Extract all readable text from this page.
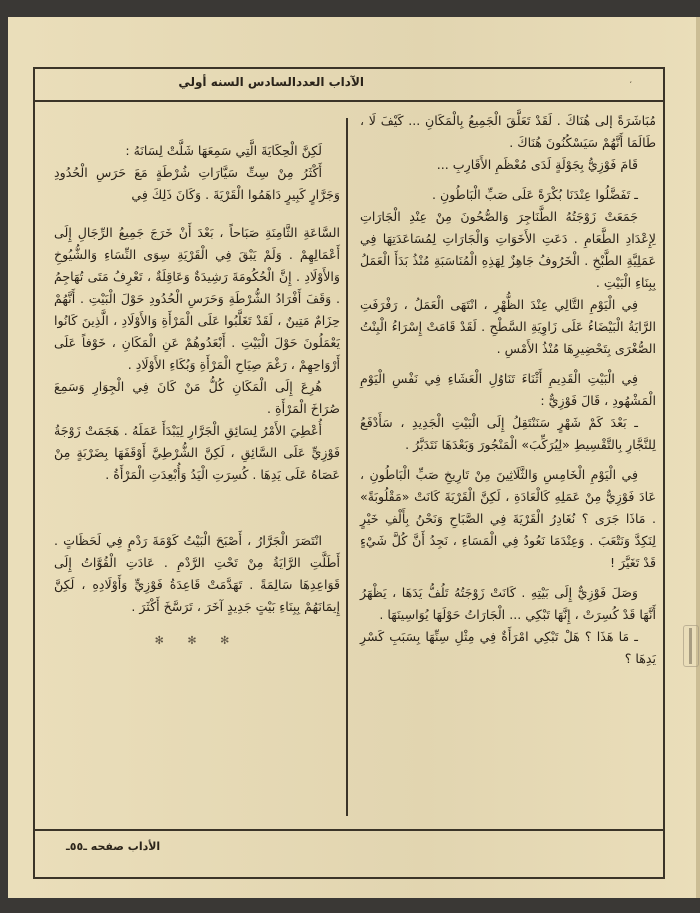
الآداب العددالسادس السنه أولي	،

مُبَاشَرَةً إلى هُنَاكَ . لَقَدْ تَعَلَّقَ الْجَمِيعُ بِالْمَكَانِ ... كَيْفَ لَا ، طَالَمَا أَنَّهُمْ سَيَسْكُنُونَ هُنَاكَ .

قَامَ فَوْزِيُّ بِجَوْلَةٍ لَدَى مُعْظَمِ الأَقَارِبِ ...

ـ تَفَضَّلُوا عِنْدَنَا بُكْرَةً عَلَى صَبِّ الْبَاطُونِ .

جَمَعَتْ زَوْجَتُهُ الطَّنَاجِرَ وَالصُّحُونَ مِنْ عِنْدِ الْجَارَاتِ لِإِعْدَادِ الطَّعَامِ . دَعَتِ الأَخَوَاتِ وَالْجَارَاتِ لِمُسَاعَدَتِهَا فِي عَمَلِيَّةِ الطَّبْخِ . الْخَرُوفُ جَاهِزٌ لِهَذِهِ الْمُنَاسَبَةِ مُنْذُ بَدَأَ الْعَمَلُ بِبِنَاءِ الْبَيْتِ .

فِي الْيَوْمِ التَّالِي عِنْدَ الظُّهْرِ ، انْتَهَى الْعَمَلُ ، رَفْرَفَتِ الرَّايَةُ الْبَيْضَاءُ عَلَى زَاوِيَةِ السَّطْحِ . لَقَدْ قَامَتْ إِسْرَاءُ الْبِنْتُ الصُّغْرَى بِتَحْضِيرِهَا مُنْذُ الأَمْسِ .

فِي الْبَيْتِ الْقَدِيمِ أَثْنَاءَ تَنَاوُلِ الْعَشَاءِ فِي نَفْسِ الْيَوْمِ الْمَشْهُودِ ، قَالَ فَوْزِيٌّ :

ـ بَعْدَ كَمْ شَهْرٍ سَنَنْتَقِلُ إِلَى الْبَيْتِ الْجَدِيدِ ، سَأَدْفَعُ لِلنَّجَّارِ بِالتَّقْسِيطِ «لِيُرَكِّبَ» الْمَنْجُورَ وَبَعْدَهَا نَتَدَبَّرُ .

فِي الْيَوْمِ الْخَامِسِ وَالثَّلَاثِينَ مِنْ تَارِيخِ صَبِّ الْبَاطُونِ ، عَادَ فَوْزِيٌّ مِنْ عَمَلِهِ كَالْعَادَةِ ، لَكِنَّ الْقَرْيَةَ كَانَتْ «مَقْلُوبَةً» . مَاذَا جَرَى ؟ نُغَادِرُ الْقَرْيَةَ فِي الصَّبَاحِ وَنَحْنُ بِأَلْفِ خَيْرٍ لِنَكِدَّ وَنَتْعَبَ . وَعِنْدَمَا نَعُودُ فِي الْمَسَاءِ ، نَجِدُ أَنَّ كُلَّ شَيْءٍ قَدْ تَغَيَّرَ !

وَصَلَ فَوْزِيٌّ إِلَى بَيْتِهِ . كَانَتْ زَوْجَتُهُ تَلُفُّ يَدَهَا ، يَظْهَرُ أَنَّهَا قَدْ كُسِرَتْ ، إِنَّهَا تَبْكِي ... الْجَارَاتُ حَوْلَهَا يُوَاسِينَهَا .

ـ مَا هَذَا ؟ هَلْ تَبْكِي امْرَأَةٌ فِي مِثْلِ سِنِّهَا بِسَبَبِ كَسْرِ يَدِهَا ؟

لَكِنَّ الْحِكَايَةَ الَّتِي سَمِعَهَا شَلَّتْ لِسَانَهُ :

أَكْثَرُ مِنْ سِتِّ سَيَّارَاتِ شُرْطَةٍ مَعَ حَرَسِ الْحُدُودِ وَجَرَّارٍ كَبِيرٍ دَاهَمُوا الْقَرْيَةَ . وَكَانَ ذَلِكَ فِي

السَّاعَةِ الثَّامِنَةِ صَبَاحاً ، بَعْدَ أَنْ خَرَجَ جَمِيعُ الرِّجَالِ إِلَى أَعْمَالِهِمْ . وَلَمْ يَبْقَ فِي الْقَرْيَةِ سِوَى النِّسَاءِ وَالشُّيُوخِ وَالأَوْلَادِ . إِنَّ الْحُكُومَةَ رَشِيدَةٌ وَعَاقِلَةٌ ، تَعْرِفُ مَتَى تُهَاجِمُ . وَقَفَ أَفْرَادُ الشُّرْطَةِ وَحَرَسِ الْحُدُودِ حَوْلَ الْبَيْتِ . أَنَّهُمْ حِزَامٌ مَتِينٌ ، لَقَدْ تَغَلَّبُوا عَلَى الْمَرْأَةِ وَالأَوْلَادِ ، الَّذِينَ كَانُوا يَعْمَلُونَ حَوْلَ الْبَيْتِ . أَبْعَدُوهُمْ عَنِ الْمَكَانِ ، خَوْفاً عَلَى أَرْوَاحِهِمْ ، رَغْمَ صِيَاحِ الْمَرْأَةِ وَبُكَاءِ الأَوْلَادِ .

هُرِعَ إِلَى الْمَكَانِ كُلُّ مَنْ كَانَ فِي الْجِوَارِ وَسَمِعَ صُرَاخَ الْمَرْأَةِ .

أُعْطِيَ الأَمْرُ لِسَائِقِ الْجَرَّارِ لِيَبْدَأَ عَمَلَهُ . هَجَمَتْ زَوْجَةُ فَوْزِيٍّ عَلَى السَّائِقِ ، لَكِنَّ الشُّرْطِيَّ أَوْقَفَهَا بِضَرْبَةٍ مِنْ عَصَاهُ عَلَى يَدِهَا . كُسِرَتِ الْيَدُ وَأُبْعِدَتِ الْمَرْأَةُ .

انْتَصَرَ الْجَرَّارُ ، أَصْبَحَ الْبَيْتُ كَوْمَةَ رَدْمٍ فِي لَحَظَاتٍ . أَطَلَّتِ الرَّايَةُ مِنْ تَحْتِ الرَّدْمِ . عَادَتِ الْقُوَّاتُ إِلَى قَوَاعِدِهَا سَالِمَةً . تَهَدَّمَتْ قَاعِدَةُ فَوْزِيٍّ وَأَوْلَادِهِ ، لَكِنَّ إِيمَانَهُمْ بِبِنَاءِ بَيْتٍ جَدِيدٍ آخَرَ ، تَرَسَّخَ أَكْثَرَ .

✻ ✻ ✻
الأداب صفحه ـ٥٥ـ
